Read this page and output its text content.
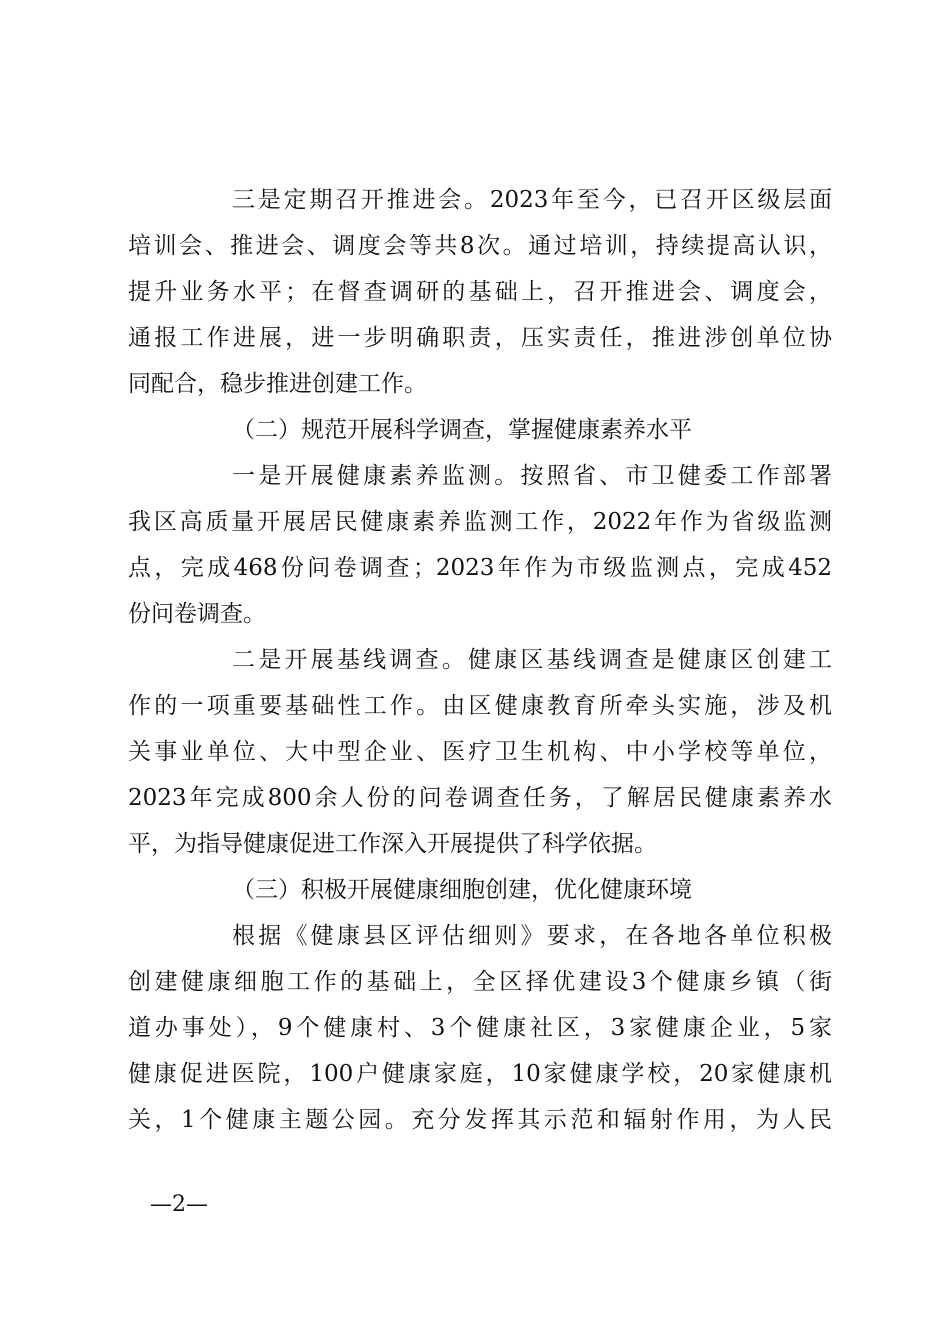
三是定期召开推进会。2023年至今，已召开区级层面
培训会、推进会、调度会等共8次。通过培训，持续提高认识，
提升业务水平；在督查调研的基础上，召开推进会、调度会，
通报工作进展，进一步明确职责，压实责任，推进涉创单位协
同配合，稳步推进创建工作。
（二）规范开展科学调查，掌握健康素养水平
一是开展健康素养监测。按照省、市卫健委工作部署
我区高质量开展居民健康素养监测工作，2022年作为省级监测
点，完成468份问卷调查；2023年作为市级监测点，完成452
份问卷调查。
二是开展基线调查。健康区基线调查是健康区创建工
作的一项重要基础性工作。由区健康教育所牵头实施，涉及机
关事业单位、大中型企业、医疗卫生机构、中小学校等单位，
2023年完成800余人份的问卷调查任务，了解居民健康素养水
平，为指导健康促进工作深入开展提供了科学依据。
（三）积极开展健康细胞创建，优化健康环境
根据《健康县区评估细则》要求，在各地各单位积极
创建健康细胞工作的基础上，全区择优建设3个健康乡镇（街
道办事处），9个健康村、3个健康社区，3家健康企业，5家
健康促进医院，100户健康家庭，10家健康学校，20家健康机
关，1个健康主题公园。充分发挥其示范和辐射作用，为人民
—2—
